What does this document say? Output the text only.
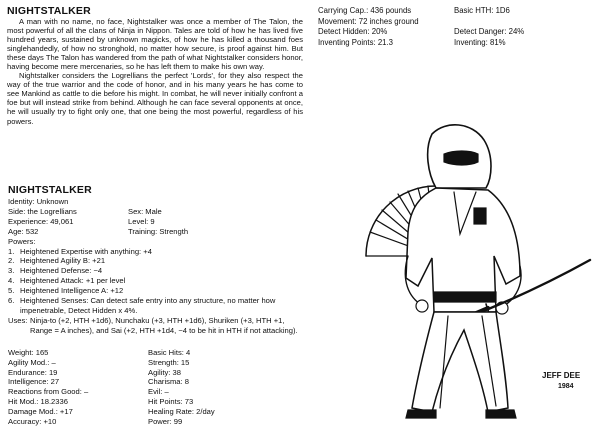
NIGHTSTALKER

A man with no name, no face, Nightstalker was once a member of The Talon, the most powerful of all the clans of Ninja in Nippon. Tales are told of how he has lived five hundred years, sustained by unknown magicks, of how he has killed a thousand foes singlehandedly, of how no stronghold, no matter how secure, is proof against him. But these days The Talon has wandered from the path of what Nightstalker considers honor, having become mere mercenaries, so he has left them to make his own way.

Nightstalker considers the Logrellians the perfect 'Lords', for they also respect the way of the true warrior and the code of honor, and in his many years he has come to see Mankind as cattle to die before his might. In combat, he will never initially confront a foe but will instead strike from behind. Although he can face several opponents at once, he will usually try to fight only one, that one being the most powerful, regardless of his powers.

Carrying Cap.: 436 pounds	Basic HTH: 1D6
Movement: 72 inches ground
Detect Hidden: 20%	Detect Danger: 24%
Inventing Points: 21.3	Inventing: 81%
NIGHTSTALKER
Identity: Unknown
Side: the Logrellians	Sex: Male
Experience: 49,061	Level: 9
Age: 532	Training: Strength
Powers:
1. Heightened Expertise with anything: +4
2. Heightened Agility B: +21
3. Heightened Defense: −4
4. Heightened Attack: +1 per level
5. Heightened Intelligence A: +12
6. Heightened Senses: Can detect safe entry into any structure, no matter how impenetrable, Detect Hidden x 4%.
Uses: Ninja-to (+2, HTH +1d6), Nunchaku (+3, HTH +1d6), Shuriken (+3, HTH +1, Range = A inches), and Sai (+2, HTH +1d4, −4 to be hit in HTH if not attacking).
Weight: 165	Basic Hits: 4
Agility Mod.: –	Strength: 15
Endurance: 19	Agility: 38
Intelligence: 27	Charisma: 8
Reactions from Good: –	Evil: –
Hit Mod.: 18.2336	Hit Points: 73
Damage Mod.: +17	Healing Rate: 2/day
Accuracy: +10	Power: 99
JEFF DEE
1984
